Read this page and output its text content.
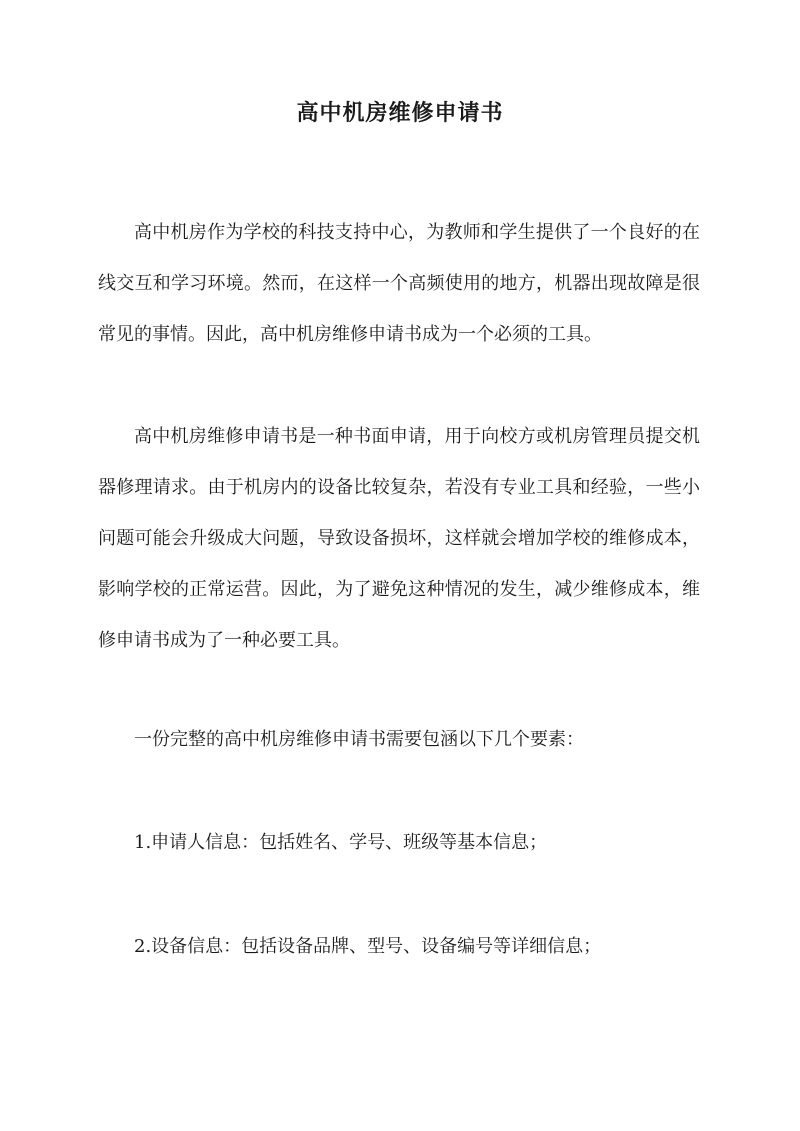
高中机房维修申请书

高中机房作为学校的科技支持中心，为教师和学生提供了一个良好的在线交互和学习环境。然而，在这样一个高频使用的地方，机器出现故障是很常见的事情。因此，高中机房维修申请书成为一个必须的工具。

高中机房维修申请书是一种书面申请，用于向校方或机房管理员提交机器修理请求。由于机房内的设备比较复杂，若没有专业工具和经验，一些小问题可能会升级成大问题，导致设备损坏，这样就会增加学校的维修成本，影响学校的正常运营。因此，为了避免这种情况的发生，减少维修成本，维修申请书成为了一种必要工具。

一份完整的高中机房维修申请书需要包涵以下几个要素：

1.申请人信息：包括姓名、学号、班级等基本信息；

2.设备信息：包括设备品牌、型号、设备编号等详细信息；
